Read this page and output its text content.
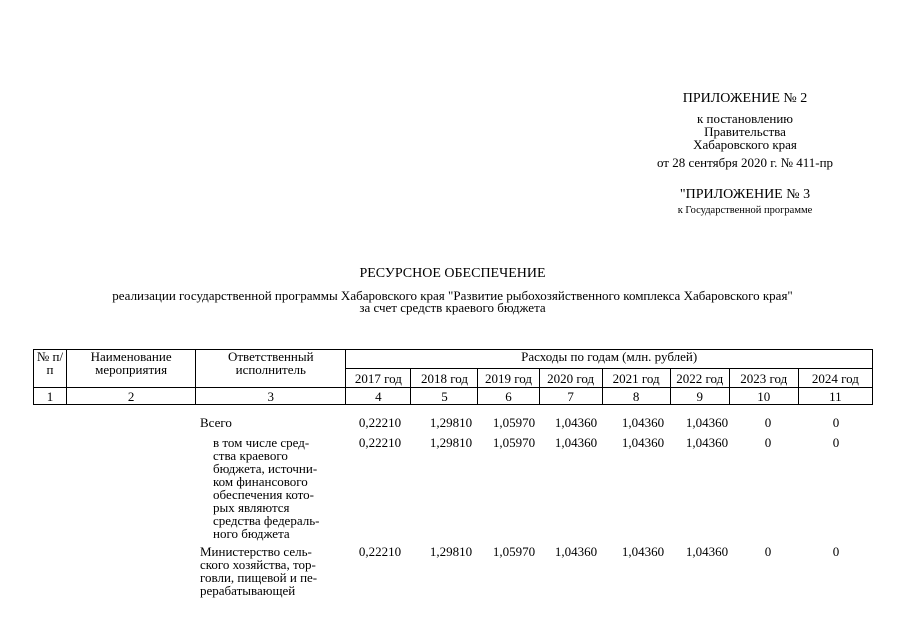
ПРИЛОЖЕНИЕ № 2
к постановлению
Правительства
Хабаровского края
от 28 сентября 2020 г. № 411-пр
"ПРИЛОЖЕНИЕ № 3
к Государственной программе
РЕСУРСНОЕ ОБЕСПЕЧЕНИЕ
реализации государственной программы Хабаровского края "Развитие рыбохозяйственного комплекса Хабаровского края"
за счет средств краевого бюджета
№ п/п	Наименование мероприятия	Ответственный исполнитель	Расходы по годам (млн. рублей)							
			2017 год	2018 год	2019 год	2020 год	2021 год	2022 год	2023 год	2024 год
1	2	3	4	5	6	7	8	9	10	11
Всего	0,22210	1,29810	1,05970	1,04360	1,04360	1,04360	0	0
в том числе сред-
ства краевого
бюджета, источни-
ком финансового
обеспечения кото-
рых являются
средства федераль-
ного бюджета
0,22210	1,29810	1,05970	1,04360	1,04360	1,04360	0	0
Министерство сель-
ского хозяйства, тор-
говли, пищевой и пе-
рерабатывающей
0,22210	1,29810	1,05970	1,04360	1,04360	1,04360	0	0
